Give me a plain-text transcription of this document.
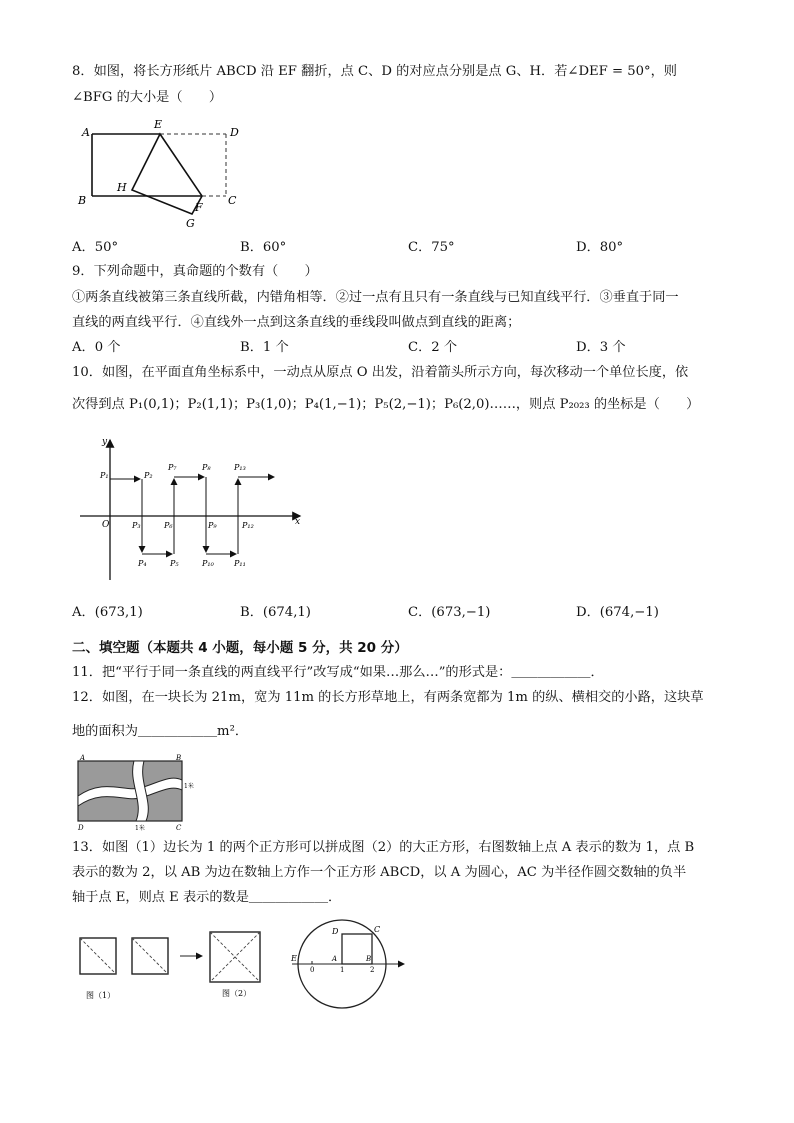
8．如图，将长方形纸片 ABCD 沿 EF 翻折，点 C、D 的对应点分别是点 G、H．若∠DEF = 50°，则
∠BFG 的大小是（　　）
A
B	C
D
E
F
G
H
A．50°	B．60°	C．75°	D．80°
9．下列命题中，真命题的个数有（　　）
①两条直线被第三条直线所截，内错角相等．②过一点有且只有一条直线与已知直线平行．③垂直于同一
直线的两直线平行．④直线外一点到这条直线的垂线段叫做点到直线的距离；
A．0 个	B．1 个	C．2 个	D．3 个
10．如图，在平面直角坐标系中，一动点从原点 O 出发，沿着箭头所示方向，每次移动一个单位长度，依
次得到点 P₁(0,1)；P₂(1,1)；P₃(1,0)；P₄(1,−1)；P₅(2,−1)；P₆(2,0)……，则点 P₂₀₂₃ 的坐标是（　　）
y
x
O
P₁	P₂
P₃
P₄	P₅
P₆
P₇	P₈
P₉
P₁₀	P₁₁
P₁₂
P₁₃
A．(673,1)	B．(674,1)	C．(673,−1)	D．(674,−1)
二、填空题（本题共 4 小题，每小题 5 分，共 20 分）
11．把“平行于同一条直线的两直线平行”改写成“如果…那么…”的形式是：＿＿＿＿＿＿．
12．如图，在一块长为 21m，宽为 11m 的长方形草地上，有两条宽都为 1m 的纵、横相交的小路，这块草
地的面积为＿＿＿＿＿＿m²．
A	B
C
D
1米
1米
13．如图（1）边长为 1 的两个正方形可以拼成图（2）的大正方形，右图数轴上点 A 表示的数为 1，点 B
表示的数为 2，以 AB 为边在数轴上方作一个正方形 ABCD，以 A 为圆心，AC 为半径作圆交数轴的负半
轴于点 E，则点 E 表示的数是＿＿＿＿＿＿．
图（1）	图（2）
E
0
A
1
B
2
C
D
